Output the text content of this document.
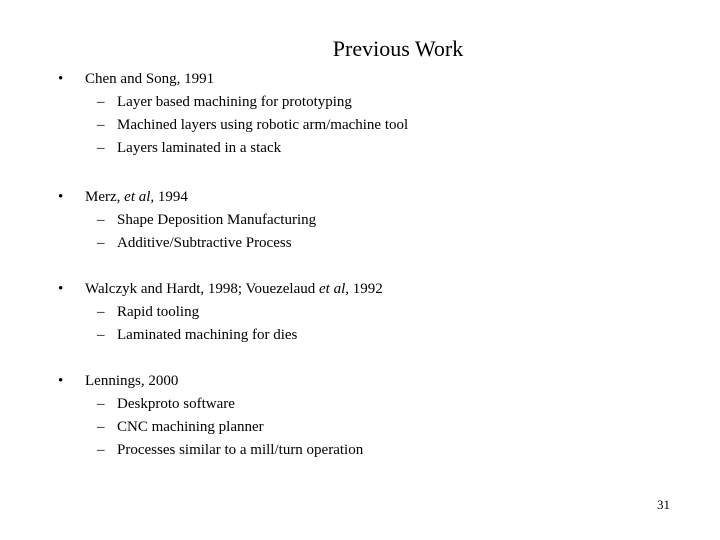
Previous Work
• Chen and Song, 1991
– Layer based machining for prototyping
– Machined layers using robotic arm/machine tool
– Layers laminated in a stack
• Merz, et al, 1994
– Shape Deposition Manufacturing
– Additive/Subtractive Process
• Walczyk and Hardt, 1998; Vouezelaud et al, 1992
– Rapid tooling
– Laminated machining for dies
• Lennings, 2000
– Deskproto software
– CNC machining planner
– Processes similar to a mill/turn operation
31
